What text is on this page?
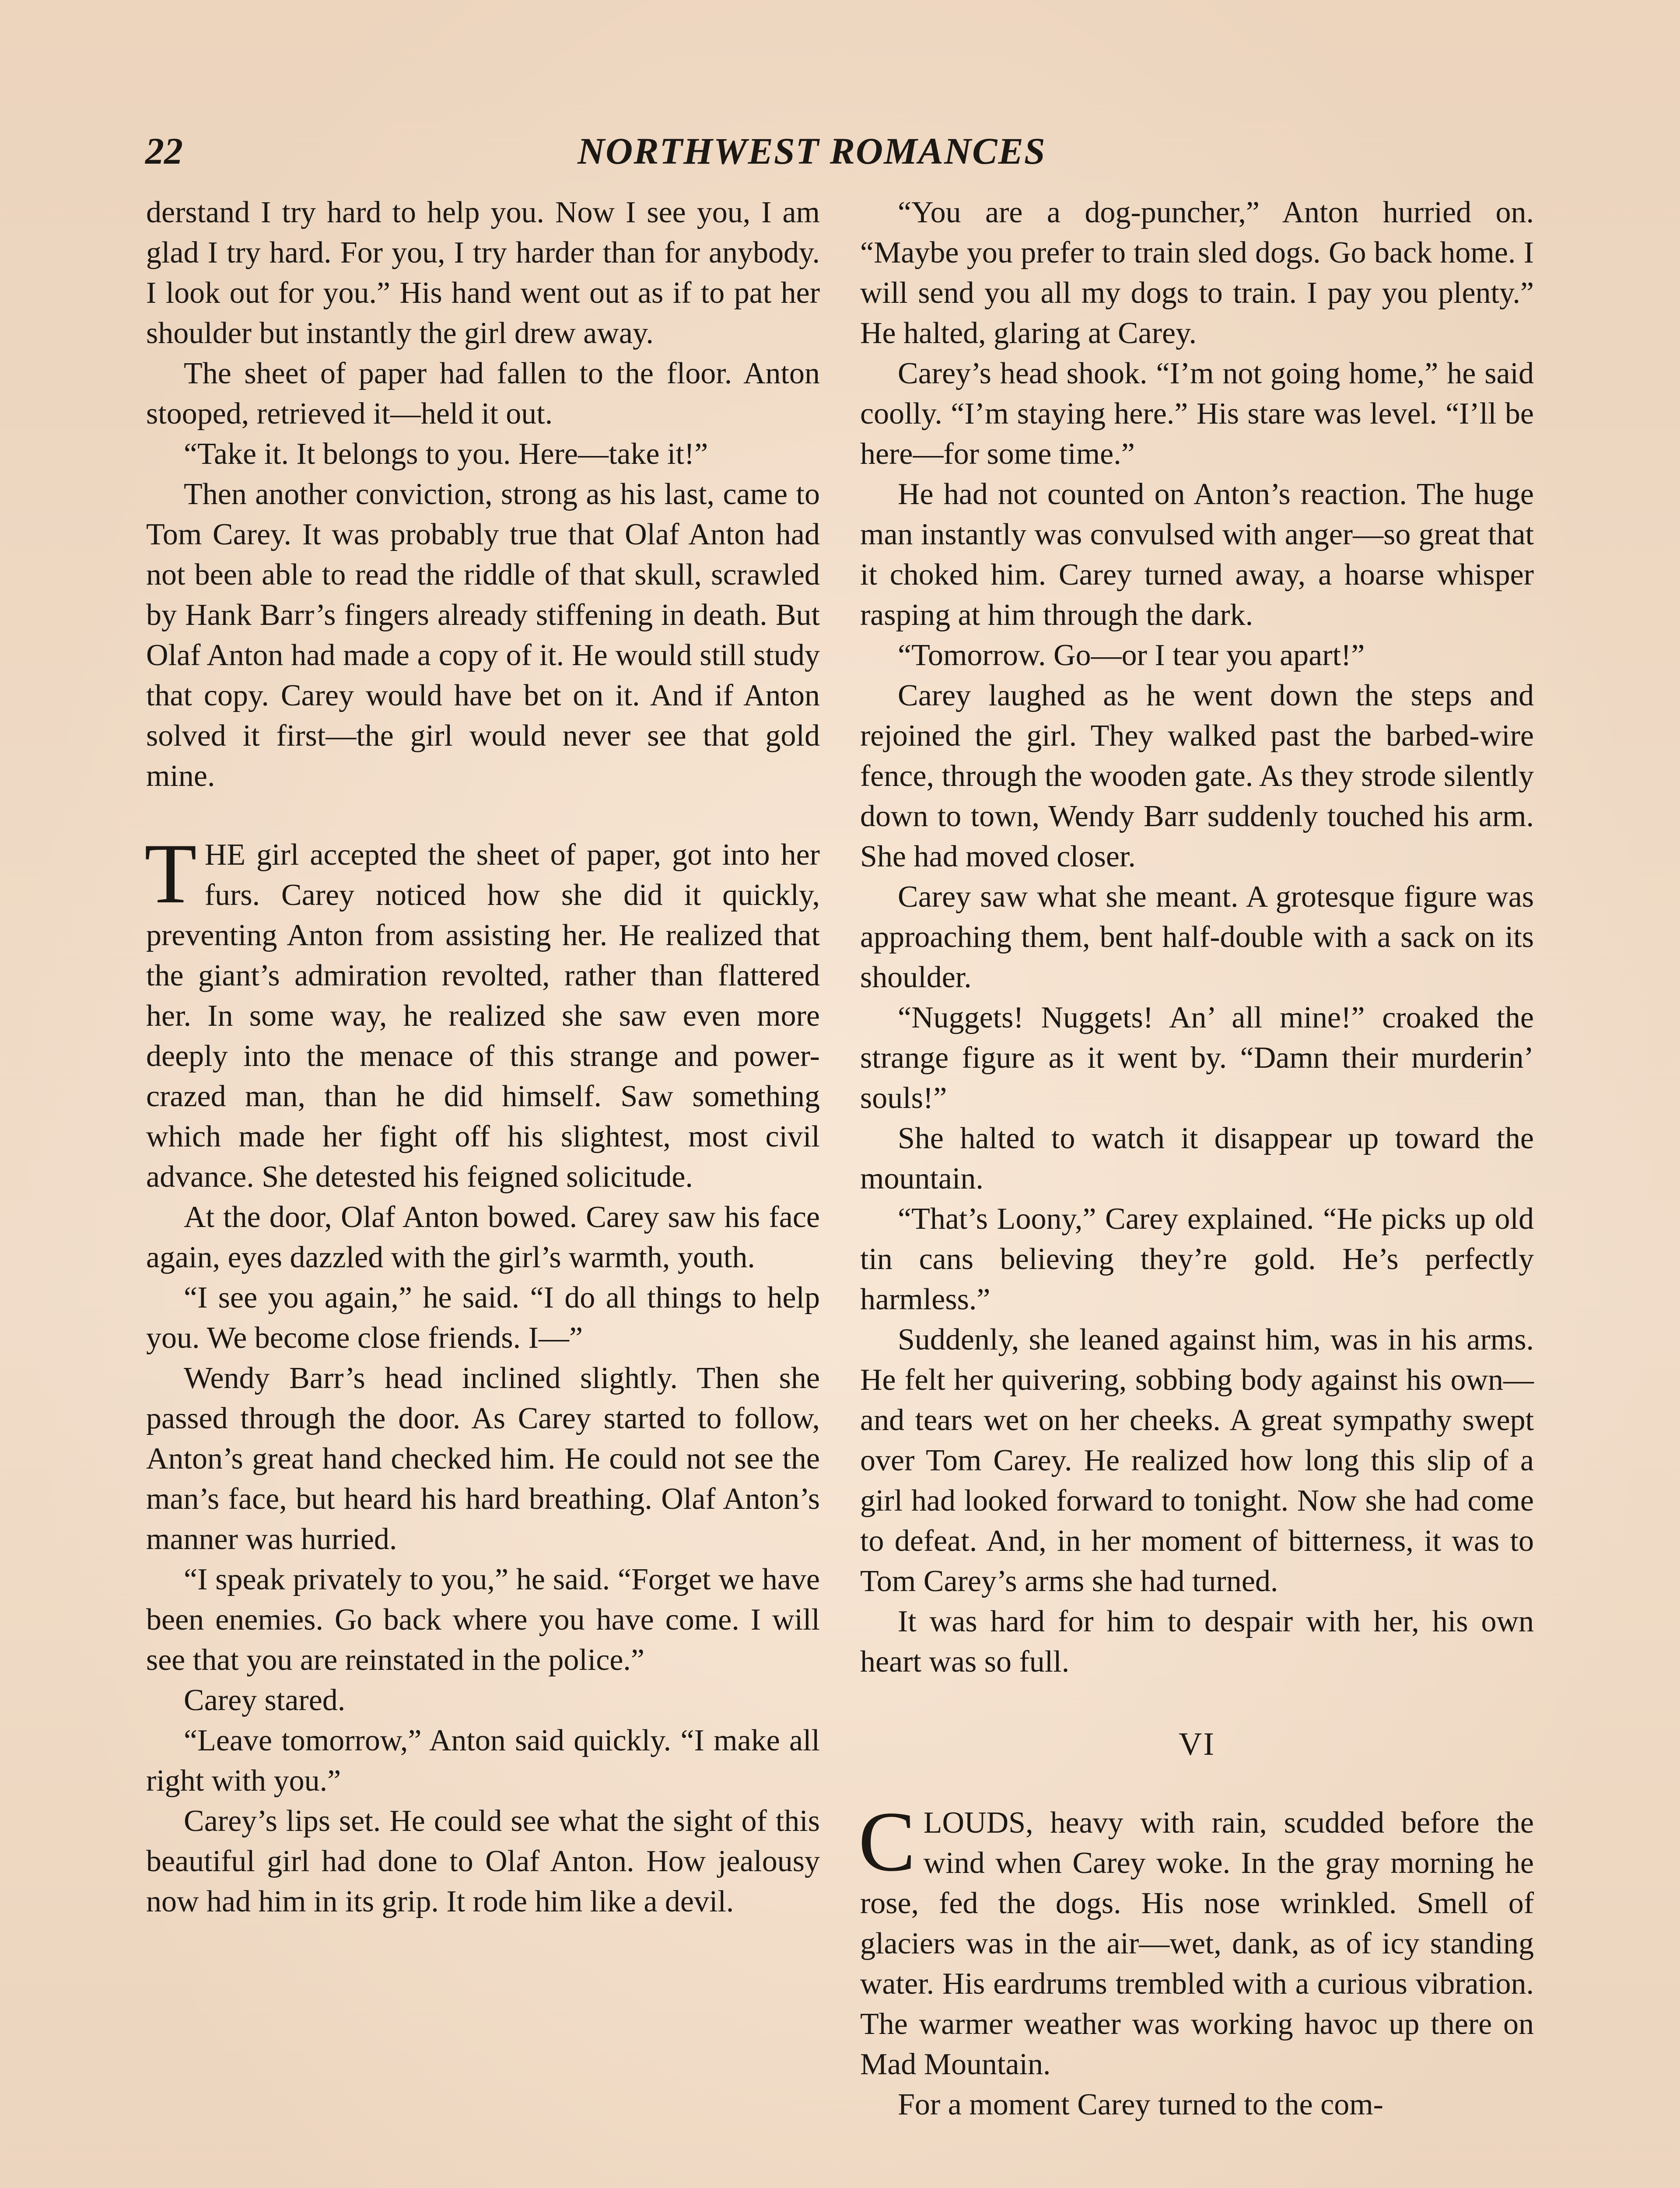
22	NORTHWEST ROMANCES

derstand I try hard to help you. Now I see you, I am glad I try hard. For you, I try harder than for anybody. I look out for you.” His hand went out as if to pat her shoulder but instantly the girl drew away.

The sheet of paper had fallen to the floor. Anton stooped, retrieved it—held it out.

“Take it. It belongs to you. Here—take it!”

Then another conviction, strong as his last, came to Tom Carey. It was probably true that Olaf Anton had not been able to read the riddle of that skull, scrawled by Hank Barr’s fingers already stiffening in death. But Olaf Anton had made a copy of it. He would still study that copy. Carey would have bet on it. And if Anton solved it first—the girl would never see that gold mine.

THE girl accepted the sheet of paper, got into her furs. Carey noticed how she did it quickly, preventing Anton from assisting her. He realized that the giant’s admiration revolted, rather than flattered her. In some way, he realized she saw even more deeply into the menace of this strange and power-crazed man, than he did himself. Saw something which made her fight off his slightest, most civil advance. She detested his feigned solicitude.

At the door, Olaf Anton bowed. Carey saw his face again, eyes dazzled with the girl’s warmth, youth.

“I see you again,” he said. “I do all things to help you. We become close friends. I—”

Wendy Barr’s head inclined slightly. Then she passed through the door. As Carey started to follow, Anton’s great hand checked him. He could not see the man’s face, but heard his hard breathing. Olaf Anton’s manner was hurried.

“I speak privately to you,” he said. “Forget we have been enemies. Go back where you have come. I will see that you are reinstated in the police.”

Carey stared.

“Leave tomorrow,” Anton said quickly. “I make all right with you.”

Carey’s lips set. He could see what the sight of this beautiful girl had done to Olaf Anton. How jealousy now had him in its grip. It rode him like a devil.

“You are a dog-puncher,” Anton hurried on. “Maybe you prefer to train sled dogs. Go back home. I will send you all my dogs to train. I pay you plenty.” He halted, glaring at Carey.

Carey’s head shook. “I’m not going home,” he said coolly. “I’m staying here.” His stare was level. “I’ll be here—for some time.”

He had not counted on Anton’s reaction. The huge man instantly was convulsed with anger—so great that it choked him. Carey turned away, a hoarse whisper rasping at him through the dark.

“Tomorrow. Go—or I tear you apart!”

Carey laughed as he went down the steps and rejoined the girl. They walked past the barbed-wire fence, through the wooden gate. As they strode silently down to town, Wendy Barr suddenly touched his arm. She had moved closer.

Carey saw what she meant. A grotesque figure was approaching them, bent half-double with a sack on its shoulder.

“Nuggets! Nuggets! An’ all mine!” croaked the strange figure as it went by. “Damn their murderin’ souls!”

She halted to watch it disappear up toward the mountain.

“That’s Loony,” Carey explained. “He picks up old tin cans believing they’re gold. He’s perfectly harmless.”

Suddenly, she leaned against him, was in his arms. He felt her quivering, sobbing body against his own—and tears wet on her cheeks. A great sympathy swept over Tom Carey. He realized how long this slip of a girl had looked forward to tonight. Now she had come to defeat. And, in her moment of bitterness, it was to Tom Carey’s arms she had turned.

It was hard for him to despair with her, his own heart was so full.

VI

CLOUDS, heavy with rain, scudded before the wind when Carey woke. In the gray morning he rose, fed the dogs. His nose wrinkled. Smell of glaciers was in the air—wet, dank, as of icy standing water. His eardrums trembled with a curious vibration. The warmer weather was working havoc up there on Mad Mountain.

For a moment Carey turned to the com-
